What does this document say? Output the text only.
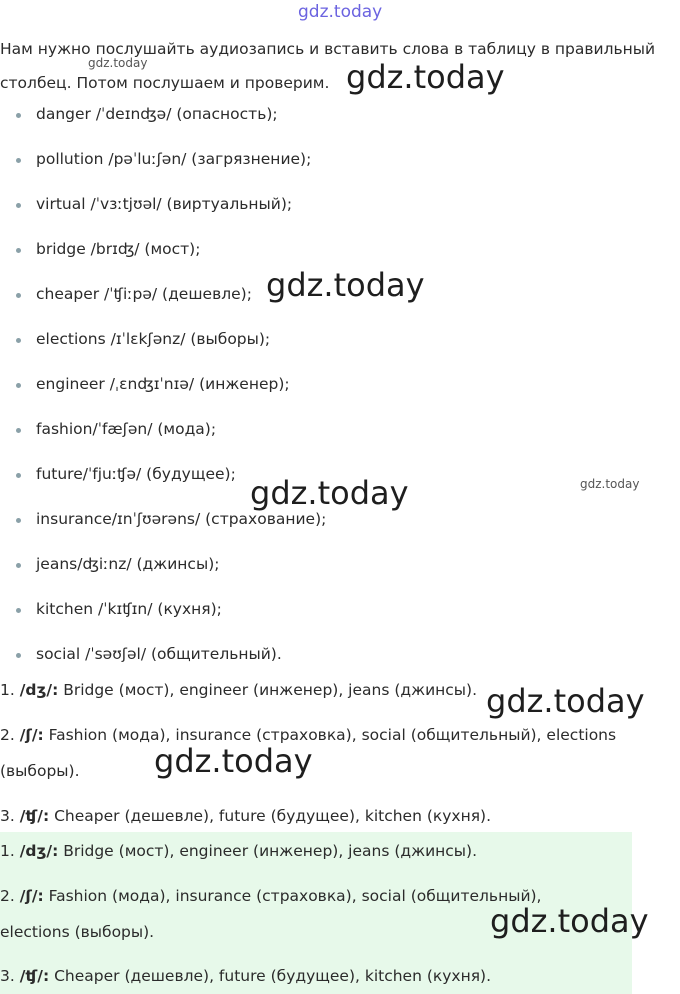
gdz.today
gdz.today

Нам нужно послушайть аудиозапись и вставить слова в таблицу в правильный столбец. Потом послушаем и проверим.

danger /ˈdeɪnʤə/ (опасность);
pollution /pəˈluːʃən/ (загрязнение);
virtual /ˈvɜːtjʊəl/ (виртуальный);
bridge /brɪʤ/ (мост);
cheaper /ˈʧiːpə/ (дешевле);
elections /ɪˈlɛkʃənz/ (выборы);
engineer /ˌɛnʤɪˈnɪə/ (инженер);
fashion/ˈfæʃən/ (мода);
future/ˈfjuːʧə/ (будущее);
insurance/ɪnˈʃʊərəns/ (страхование);
jeans/ʤiːnz/ (джинсы);
kitchen /ˈkɪʧɪn/ (кухня);
social /ˈsəʊʃəl/ (общительный).

1. /dʒ/: Bridge (мост), engineer (инженер), jeans (джинсы).

2. /ʃ/: Fashion (мода), insurance (страховка), social (общительный), elections (выборы).

3. /ʧ/: Cheaper (дешевле), future (будущее), kitchen (кухня).

1. /dʒ/: Bridge (мост), engineer (инженер), jeans (джинсы).

2. /ʃ/: Fashion (мода), insurance (страховка), social (общительный), elections (выборы).

3. /ʧ/: Cheaper (дешевле), future (будущее), kitchen (кухня).

gdz.today
gdz.today
gdz.today	gdz.today
gdz.today
gdz.today
gdz.today
